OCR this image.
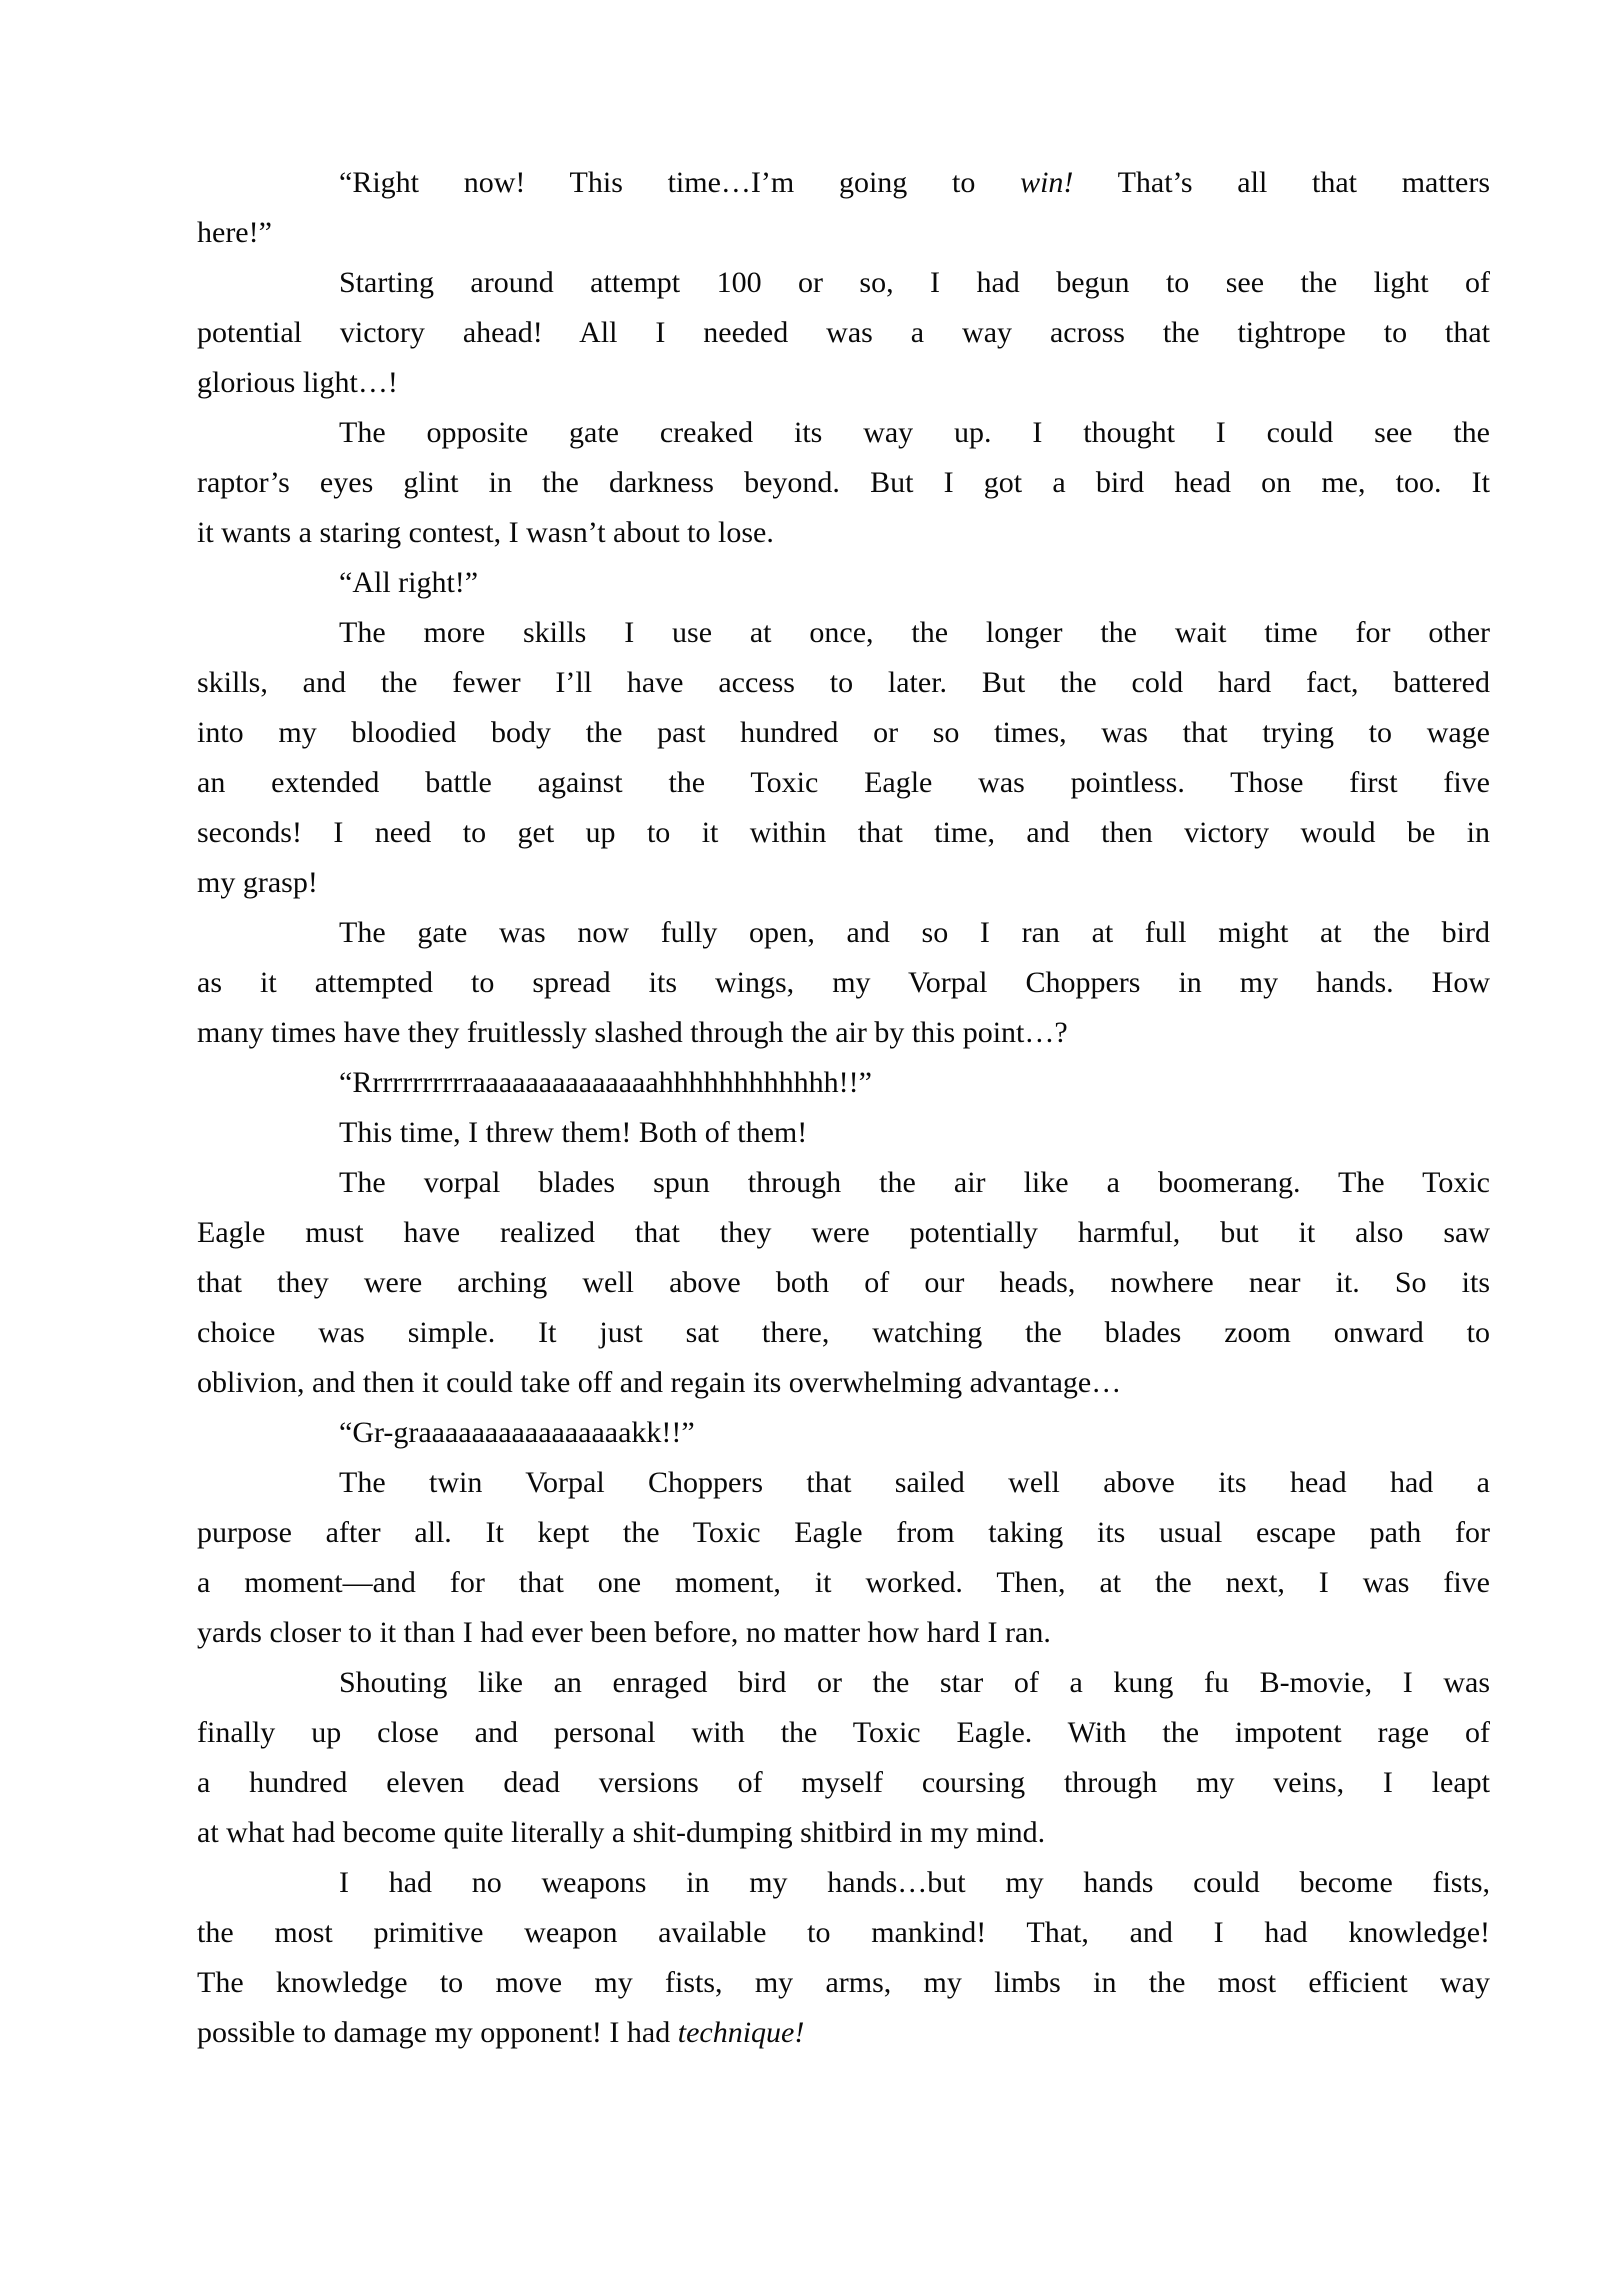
“Right now! This time…I’m going to win! That’s all that matters
here!”
Starting around attempt 100 or so, I had begun to see the light of
potential victory ahead! All I needed was a way across the tightrope to that
glorious light…!
The opposite gate creaked its way up. I thought I could see the
raptor’s eyes glint in the darkness beyond. But I got a bird head on me, too. It
it wants a staring contest, I wasn’t about to lose.
“All right!”
The more skills I use at once, the longer the wait time for other
skills, and the fewer I’ll have access to later. But the cold hard fact, battered
into my bloodied body the past hundred or so times, was that trying to wage
an extended battle against the Toxic Eagle was pointless. Those first five
seconds! I need to get up to it within that time, and then victory would be in
my grasp!
The gate was now fully open, and so I ran at full might at the bird
as it attempted to spread its wings, my Vorpal Choppers in my hands. How
many times have they fruitlessly slashed through the air by this point…?
“Rrrrrrrrrrraaaaaaaaaaaaaahhhhhhhhhhhh!!”
This time, I threw them! Both of them!
The vorpal blades spun through the air like a boomerang. The Toxic
Eagle must have realized that they were potentially harmful, but it also saw
that they were arching well above both of our heads, nowhere near it. So its
choice was simple. It just sat there, watching the blades zoom onward to
oblivion, and then it could take off and regain its overwhelming advantage…
“Gr-graaaaaaaaaaaaaaaakk!!”
The twin Vorpal Choppers that sailed well above its head had a
purpose after all. It kept the Toxic Eagle from taking its usual escape path for
a moment—and for that one moment, it worked. Then, at the next, I was five
yards closer to it than I had ever been before, no matter how hard I ran.
Shouting like an enraged bird or the star of a kung fu B-movie, I was
finally up close and personal with the Toxic Eagle. With the impotent rage of
a hundred eleven dead versions of myself coursing through my veins, I leapt
at what had become quite literally a shit-dumping shitbird in my mind.
I had no weapons in my hands…but my hands could become fists,
the most primitive weapon available to mankind! That, and I had knowledge!
The knowledge to move my fists, my arms, my limbs in the most efficient way
possible to damage my opponent! I had technique!
